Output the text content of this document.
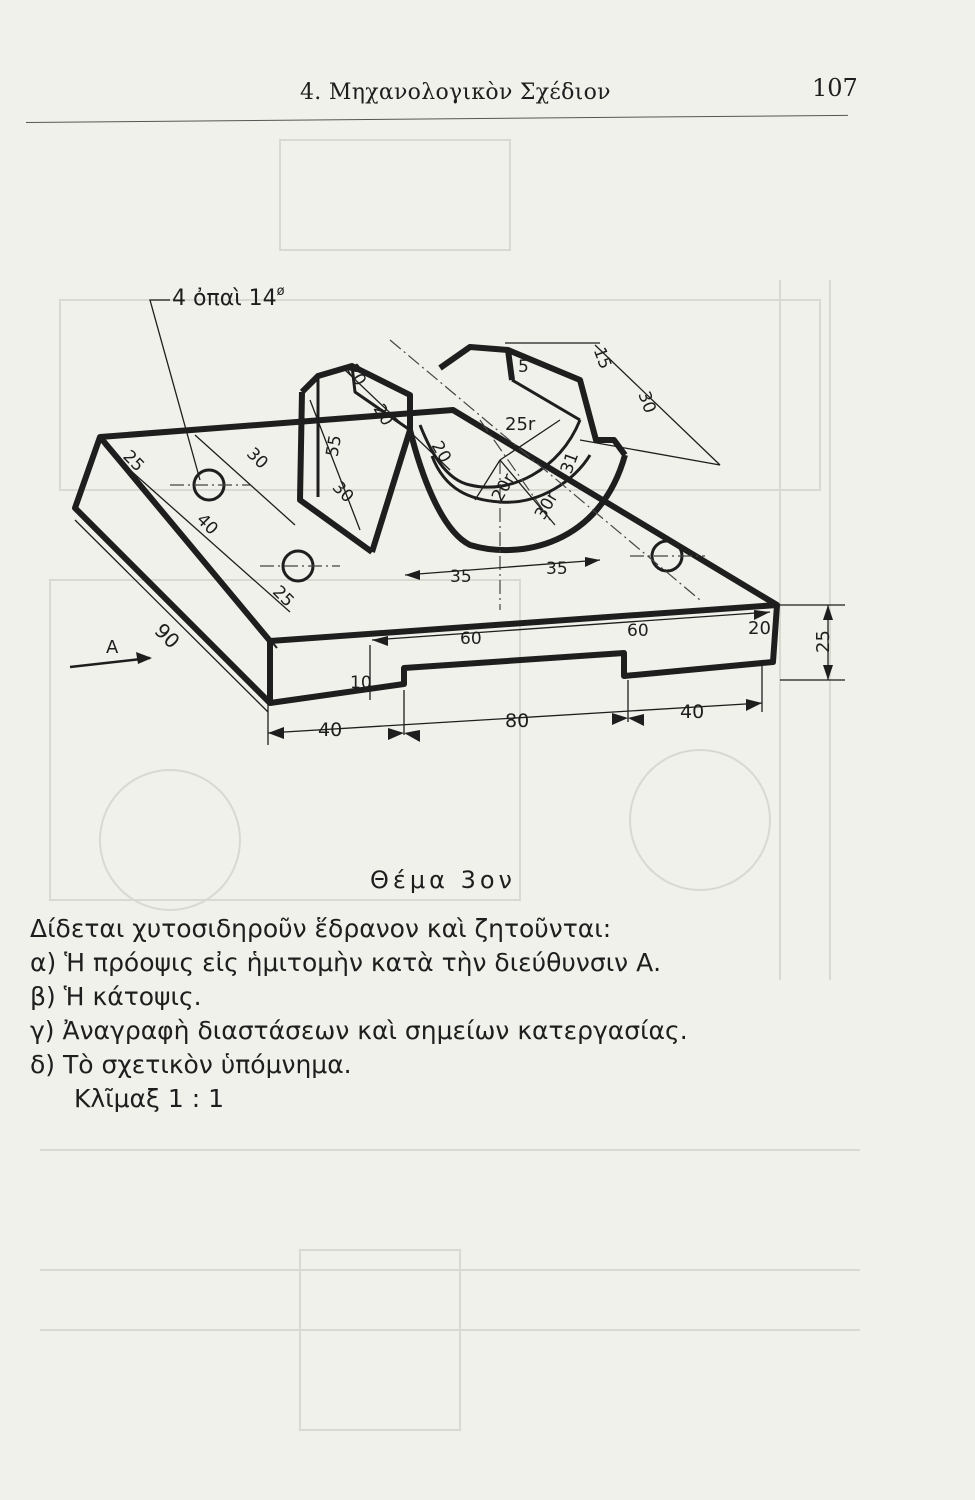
4. Μηχανολογικὸν Σχέδιον	107
4 ὀπαὶ $14^ø$
A
25	30
40
25
90
55
30
20
20
20
25r
5
30
15
31
20r
30r
35	35
60	60	20
25
10
40	80	40
Θέμα 3ον
Δίδεται χυτοσιδηροῦν ἕδρανον καὶ ζητοῦνται:
α) Ἡ πρόοψις εἰς ἡμιτομὴν κατὰ τὴν διεύθυνσιν Α.
β) Ἡ κάτοψις.
γ) Ἀναγραφὴ διαστάσεων καὶ σημείων κατεργασίας.
δ) Τὸ σχετικὸν ὑπόμνημα.
Κλῖμαξ 1 : 1
